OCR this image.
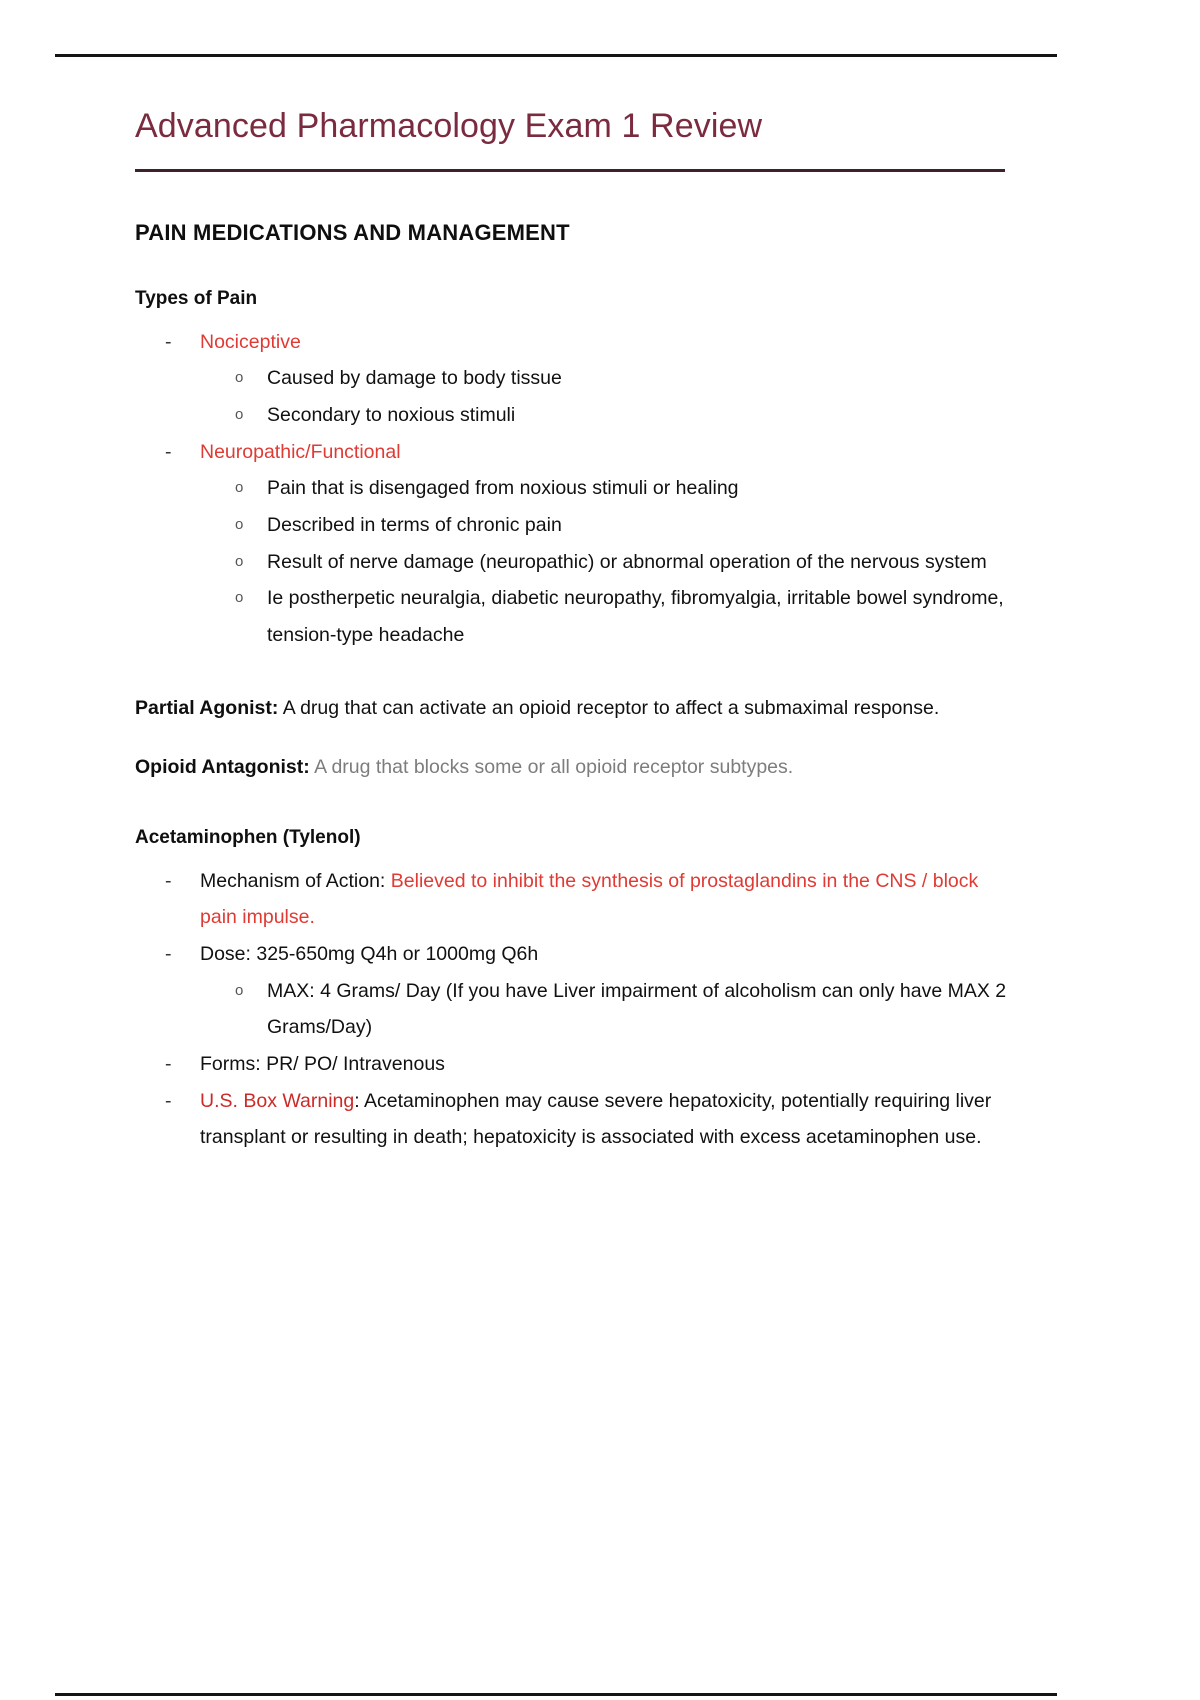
Advanced Pharmacology Exam 1 Review
PAIN MEDICATIONS AND MANAGEMENT
Types of Pain
- Nociceptive
o Caused by damage to body tissue
o Secondary to noxious stimuli
- Neuropathic/Functional
o Pain that is disengaged from noxious stimuli or healing
o Described in terms of chronic pain
o Result of nerve damage (neuropathic) or abnormal operation of the nervous system
o Ie postherpetic neuralgia, diabetic neuropathy, fibromyalgia, irritable bowel syndrome, tension-type headache
Partial Agonist: A drug that can activate an opioid receptor to affect a submaximal response.
Opioid Antagonist: A drug that blocks some or all opioid receptor subtypes.
Acetaminophen (Tylenol)
- Mechanism of Action: Believed to inhibit the synthesis of prostaglandins in the CNS / block pain impulse.
- Dose: 325-650mg Q4h or 1000mg Q6h
o MAX: 4 Grams/ Day (If you have Liver impairment of alcoholism can only have MAX 2 Grams/Day)
- Forms: PR/ PO/ Intravenous
- U.S. Box Warning: Acetaminophen may cause severe hepatoxicity, potentially requiring liver transplant or resulting in death; hepatoxicity is associated with excess acetaminophen use.
